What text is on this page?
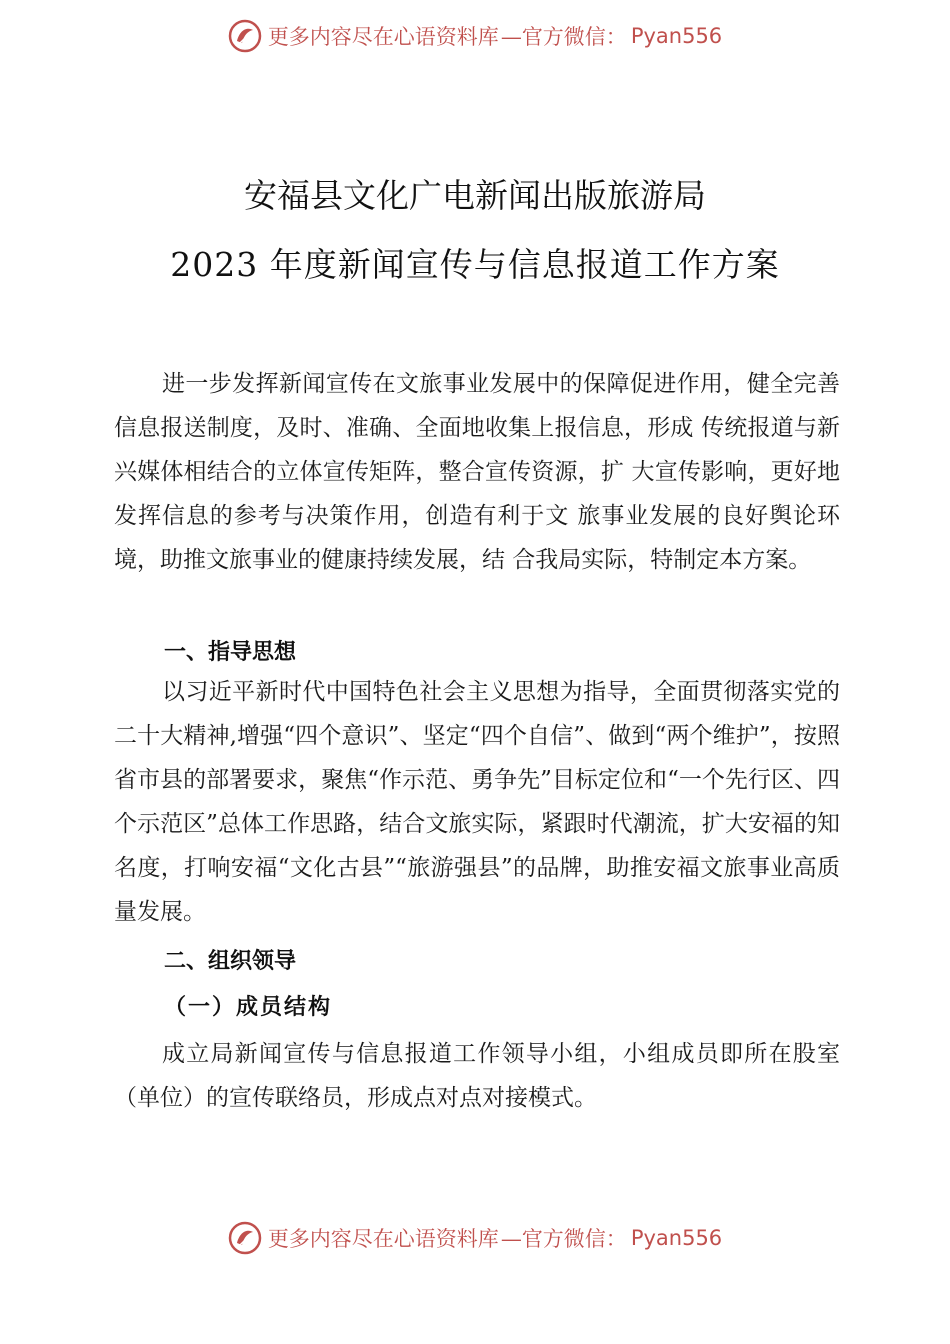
更多内容尽在心语资料库 —官方微信： Pyan556
安福县文化广电新闻出版旅游局
2023 年度新闻宣传与信息报道工作方案

进一步发挥新闻宣传在文旅事业发展中的保障促进作用，健全完善信息报送制度，及时、准确、全面地收集上报信息，形成 传统报道与新兴媒体相结合的立体宣传矩阵，整合宣传资源，扩 大宣传影响，更好地发挥信息的参考与决策作用，创造有利于文 旅事业发展的良好舆论环境，助推文旅事业的健康持续发展，结 合我局实际，特制定本方案。

一、指导思想

以习近平新时代中国特色社会主义思想为指导，全面贯彻落实党的二十大精神,增强“四个意识”、坚定“四个自信”、做到“两个维护”，按照省市县的部署要求，聚焦“作示范、勇争先”目标定位和“一个先行区、四个示范区”总体工作思路，结合文旅实际，紧跟时代潮流，扩大安福的知名度，打响安福“文化古县”“旅游强县”的品牌，助推安福文旅事业高质量发展。

二、组织领导
（一）成员结构

成立局新闻宣传与信息报道工作领导小组，小组成员即所在股室（单位）的宣传联络员，形成点对点对接模式。

更多内容尽在心语资料库 —官方微信： Pyan556
